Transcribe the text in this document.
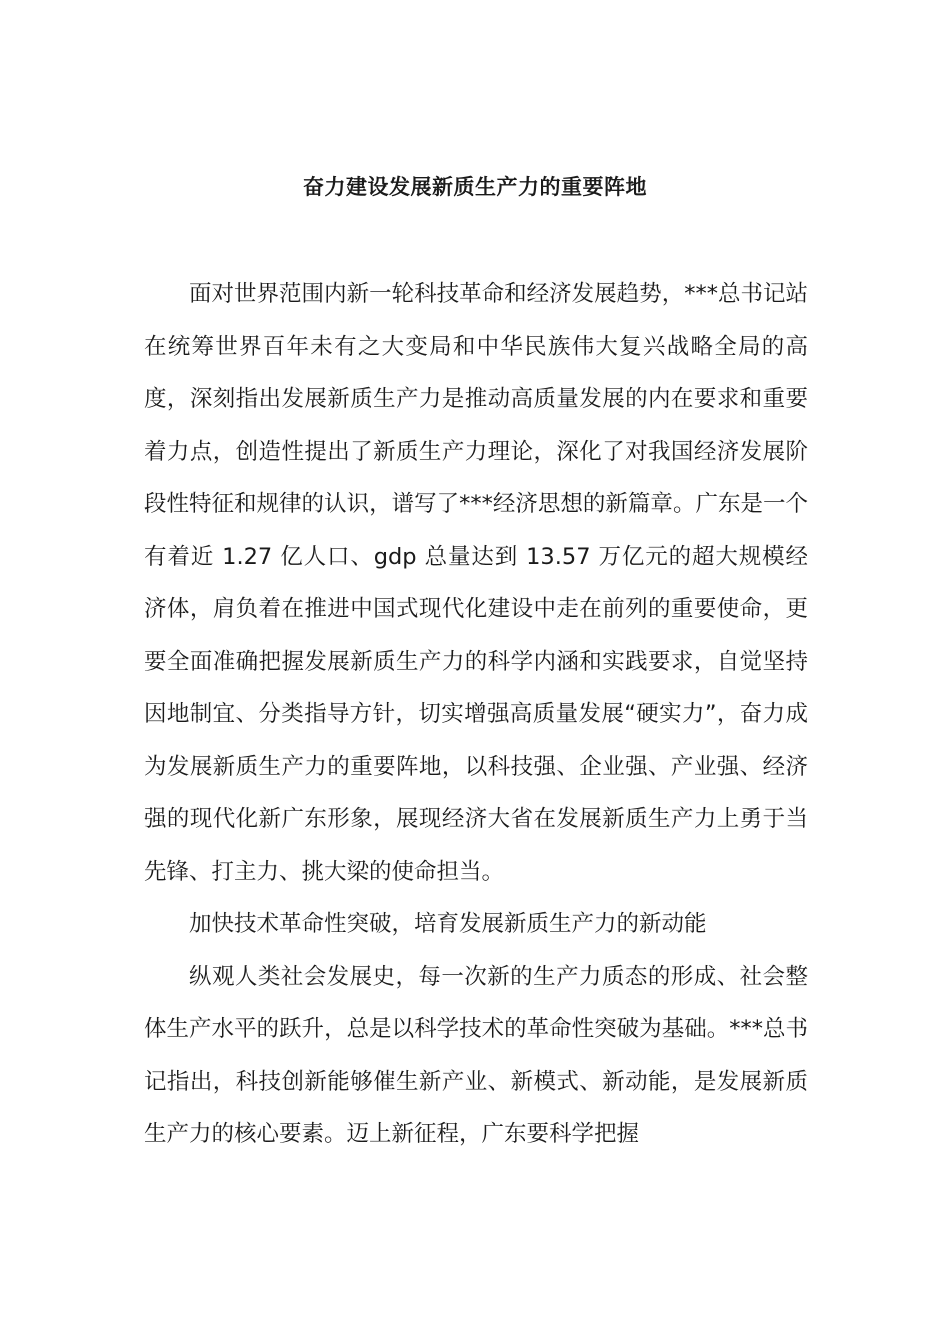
奋力建设发展新质生产力的重要阵地

面对世界范围内新一轮科技革命和经济发展趋势，***总书记站在统筹世界百年未有之大变局和中华民族伟大复兴战略全局的高度，深刻指出发展新质生产力是推动高质量发展的内在要求和重要着力点，创造性提出了新质生产力理论，深化了对我国经济发展阶段性特征和规律的认识，谱写了***经济思想的新篇章。广东是一个有着近 1.27 亿人口、gdp 总量达到 13.57 万亿元的超大规模经济体，肩负着在推进中国式现代化建设中走在前列的重要使命，更要全面准确把握发展新质生产力的科学内涵和实践要求，自觉坚持因地制宜、分类指导方针，切实增强高质量发展“硬实力”，奋力成为发展新质生产力的重要阵地，以科技强、企业强、产业强、经济强的现代化新广东形象，展现经济大省在发展新质生产力上勇于当先锋、打主力、挑大梁的使命担当。

加快技术革命性突破，培育发展新质生产力的新动能

纵观人类社会发展史，每一次新的生产力质态的形成、社会整体生产水平的跃升，总是以科学技术的革命性突破为基础。***总书记指出，科技创新能够催生新产业、新模式、新动能，是发展新质生产力的核心要素。迈上新征程，广东要科学把握
